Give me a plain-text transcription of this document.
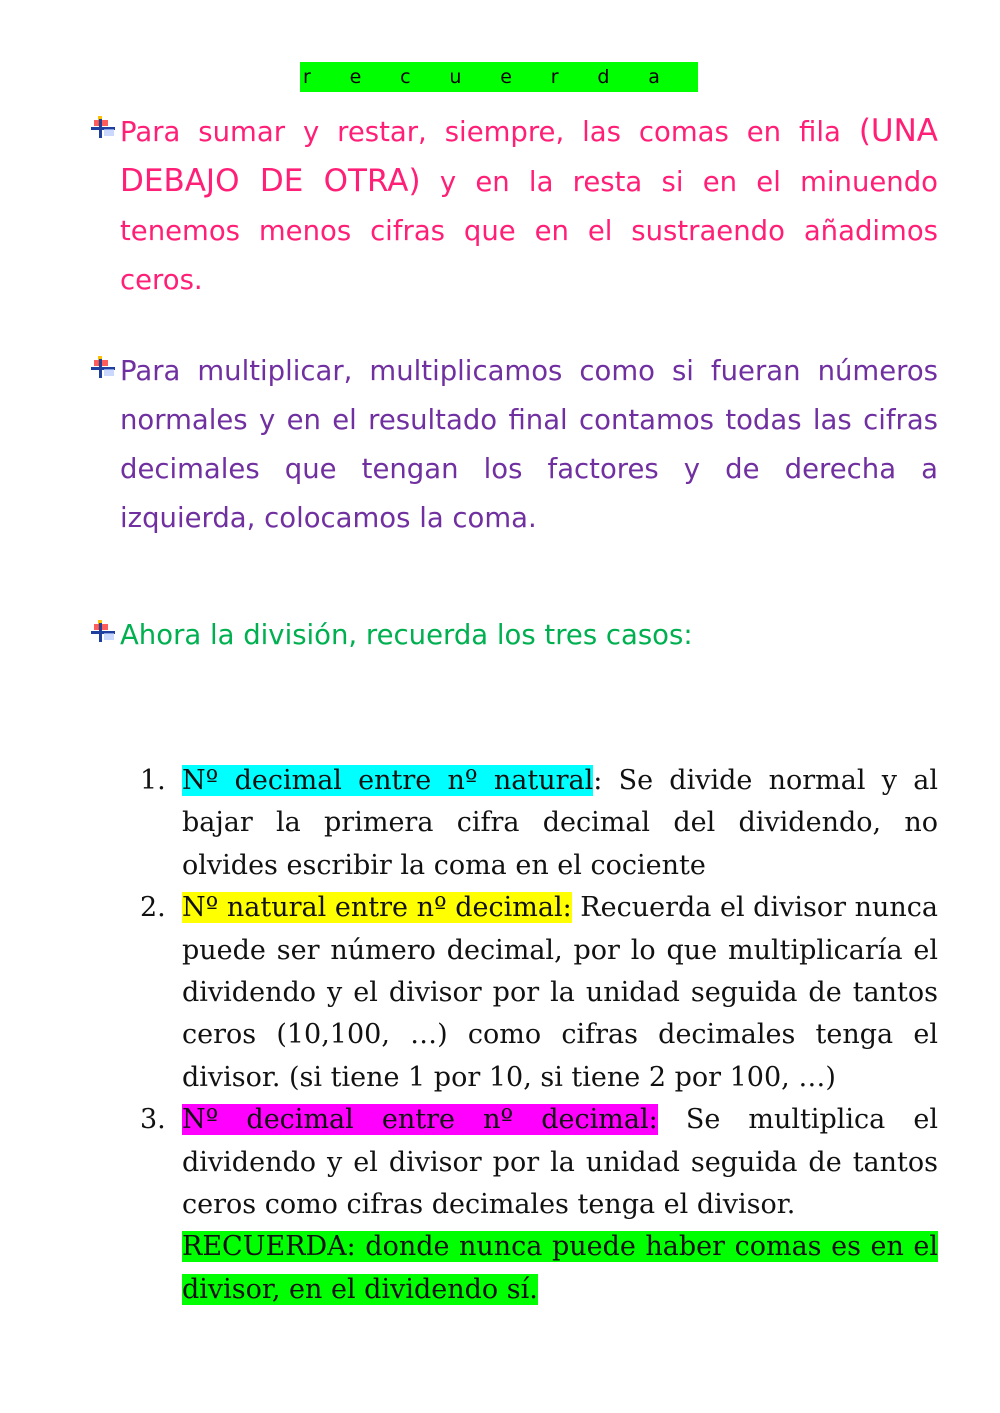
r e c u e r d a
Para sumar y restar, siempre, las comas en fila (UNA DEBAJO DE OTRA) y en la resta si en el minuendo tenemos menos cifras que en el sustraendo añadimos ceros.
Para multiplicar, multiplicamos como si fueran números normales y en el resultado final contamos todas las cifras decimales que tengan los factores y de derecha a izquierda, colocamos la coma.
Ahora la división, recuerda los tres casos:
1. Nº decimal entre nº natural: Se divide normal y al bajar la primera cifra decimal del dividendo, no olvides escribir la coma en el cociente
2. Nº natural entre nº decimal: Recuerda el divisor nunca puede ser número decimal, por lo que multiplicaría el dividendo y el divisor por la unidad seguida de tantos ceros (10,100, …) como cifras decimales tenga el divisor. (si tiene 1 por 10, si tiene 2 por 100, …)
3. Nº decimal entre nº decimal: Se multiplica el dividendo y el divisor por la unidad seguida de tantos ceros como cifras decimales tenga el divisor.
RECUERDA: donde nunca puede haber comas es en el divisor, en el dividendo sí.
